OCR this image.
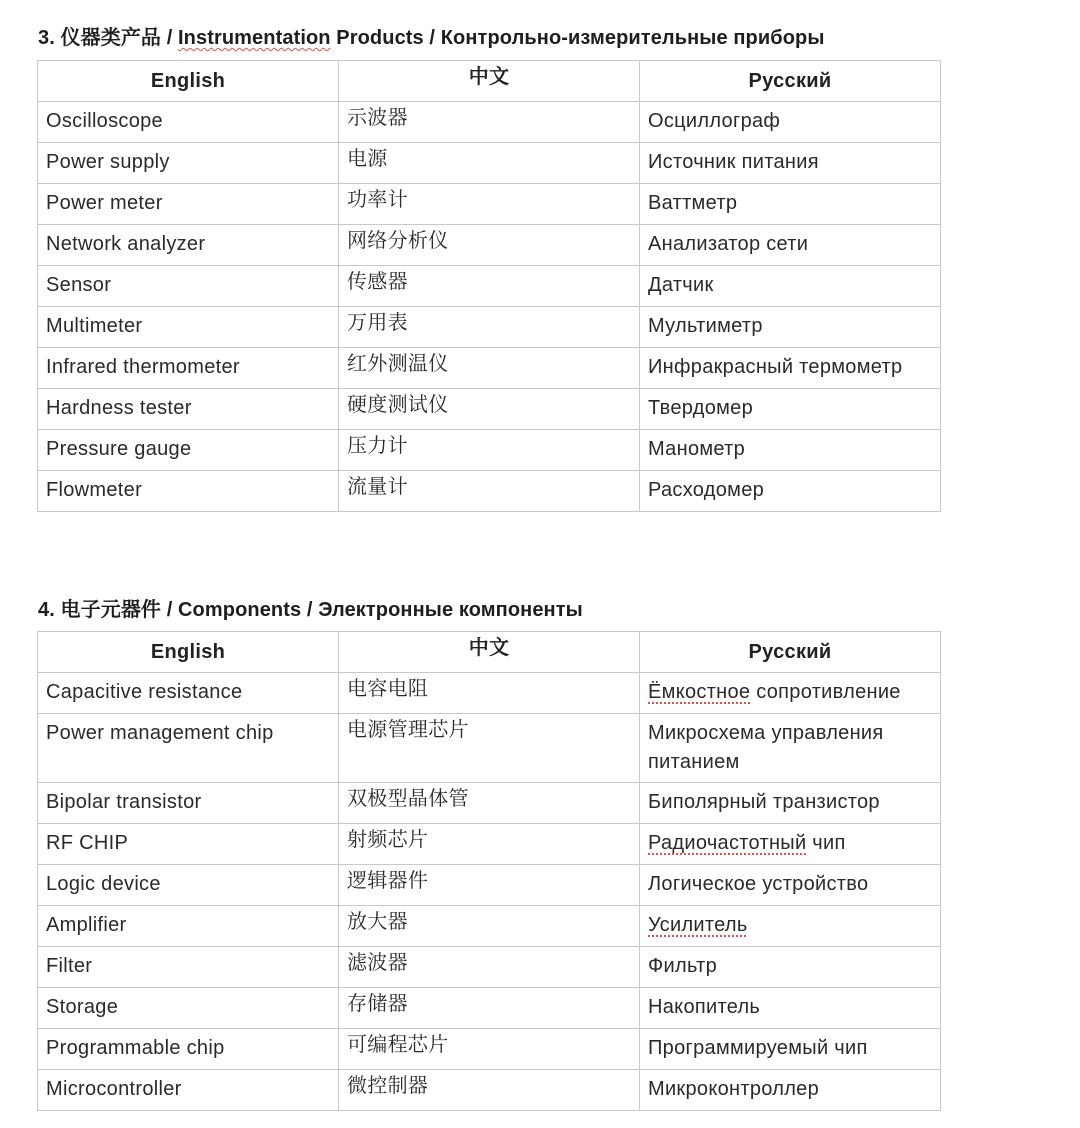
3. 仪器类产品 / Instrumentation Products / Контрольно-измерительные приборы
English	中文	Русский
Oscilloscope	示波器	Осциллограф
Power supply	电源	Источник питания
Power meter	功率计	Ваттметр
Network analyzer	网络分析仪	Анализатор сети
Sensor	传感器	Датчик
Multimeter	万用表	Мультиметр
Infrared thermometer	红外测温仪	Инфракрасный термометр
Hardness tester	硬度测试仪	Твердомер
Pressure gauge	压力计	Манометр
Flowmeter	流量计	Расходомер
4. 电子元器件 / Components / Электронные компоненты
English	中文	Русский
Capacitive resistance	电容电阻	Ёмкостное сопротивление
Power management chip	电源管理芯片	Микросхема управления питанием
Bipolar transistor	双极型晶体管	Биполярный транзистор
RF CHIP	射频芯片	Радиочастотный чип
Logic device	逻辑器件	Логическое устройство
Amplifier	放大器	Усилитель
Filter	滤波器	Фильтр
Storage	存储器	Накопитель
Programmable chip	可编程芯片	Программируемый чип
Microcontroller	微控制器	Микроконтроллер
